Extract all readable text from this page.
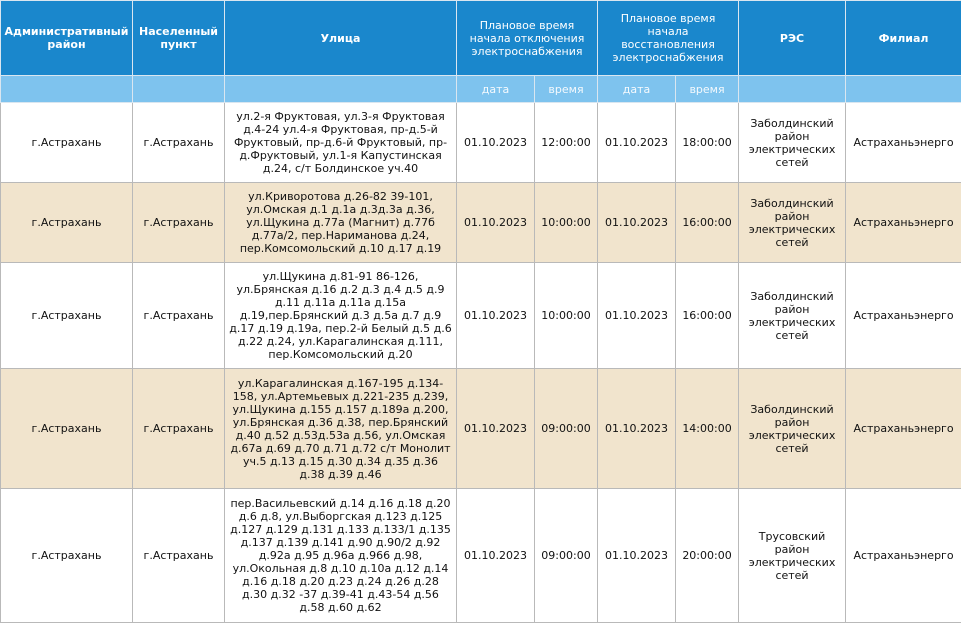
Административный район	Населенный пункт	Улица	Плановое время начала отключения электроснабжения		Плановое время начала восстановления электроснабжения		РЭС	Филиал
			дата	время	дата	время		
г.Астрахань	г.Астрахань	ул.2-я Фруктовая, ул.3-я Фруктовая д.4-24 ул.4-я Фруктовая, пр-д.5-й Фруктовый, пр-д.6-й Фруктовый, пр-д.Фруктовый, ул.1-я Капустинская д.24, с/т Болдинское уч.40	01.10.2023	12:00:00	01.10.2023	18:00:00	Заболдинский район электрических сетей	Астраханьэнерго
г.Астрахань	г.Астрахань	ул.Криворотова д.26-82 39-101, ул.Омская д.1 д.1а д.3д.3а д.36, ул.Щукина д.77а (Магнит) д.77б д.77а/2, пер.Нариманова д.24, пер.Комсомольский д.10 д.17 д.19	01.10.2023	10:00:00	01.10.2023	16:00:00	Заболдинский район электрических сетей	Астраханьэнерго
г.Астрахань	г.Астрахань	ул.Щукина д.81-91 86-126, ул.Брянская д.16 д.2 д.3 д.4 д.5 д.9 д.11 д.11а д.11а д.15а д.19,пер.Брянский д.3 д.5а д.7 д.9 д.17 д.19 д.19а, пер.2-й Белый д.5 д.6 д.22 д.24, ул.Карагалинская д.111, пер.Комсомольский д.20	01.10.2023	10:00:00	01.10.2023	16:00:00	Заболдинский район электрических сетей	Астраханьэнерго
г.Астрахань	г.Астрахань	ул.Карагалинская д.167-195 д.134-158, ул.Артемьевых д.221-235 д.239, ул.Щукина д.155 д.157 д.189а д.200, ул.Брянская д.36 д.38, пер.Брянский д.40 д.52 д.53д.53а д.56, ул.Омская д.67а д.69 д.70 д.71 д.72 с/т Монолит уч.5 д.13 д.15 д.30 д.34 д.35 д.36 д.38 д.39 д.46	01.10.2023	09:00:00	01.10.2023	14:00:00	Заболдинский район электрических сетей	Астраханьэнерго
г.Астрахань	г.Астрахань	пер.Васильевский д.14 д.16 д.18 д.20 д.6 д.8, ул.Выборгская д.123 д.125 д.127 д.129 д.131 д.133 д.133/1 д.135 д.137 д.139 д.141 д.90 д.90/2 д.92 д.92а д.95 д.96а д.966 д.98, ул.Окольная д.8 д.10 д.10а д.12 д.14 д.16 д.18 д.20 д.23 д.24 д.26 д.28 д.30 д.32 -37 д.39-41 д.43-54 д.56 д.58 д.60 д.62	01.10.2023	09:00:00	01.10.2023	20:00:00	Трусовский район электрических сетей	Астраханьэнерго
